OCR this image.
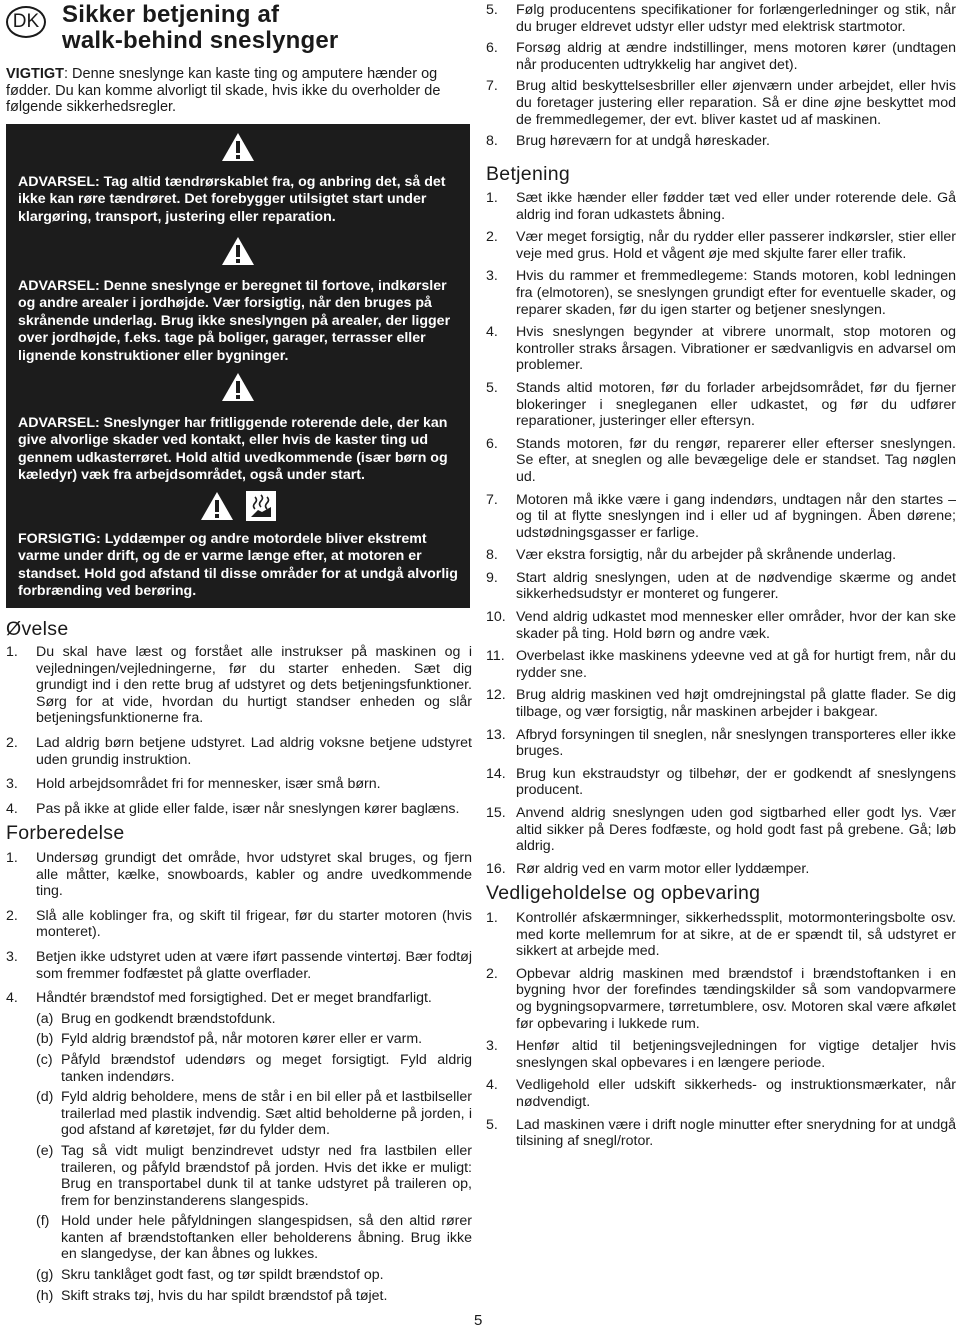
DK Sikker betjening af
walk-behind sneslynger

VIGTIGT: Denne sneslynge kan kaste ting og amputere hænder og fødder. Du kan komme alvorligt til skade, hvis ikke du overholder de følgende sikkerhedsregler.

ADVARSEL: Tag altid tændrørskablet fra, og anbring det, så det ikke kan røre tændrøret. Det forebygger utilsigtet start under klargøring, transport, justering eller reparation.

ADVARSEL: Denne sneslynge er beregnet til fortove, indkørsler og andre arealer i jordhøjde. Vær forsigtig, når den bruges på skrånende underlag. Brug ikke sneslyngen på arealer, der ligger over jordhøjde, f.eks. tage på boliger, garager, terrasser eller lignende konstruktioner eller bygninger.

ADVARSEL: Sneslynger har fritliggende roterende dele, der kan give alvorlige skader ved kontakt, eller hvis de kaster ting ud gennem udkasterrøret. Hold altid uvedkommende (især børn og kæledyr) væk fra arbejdsområdet, også under start.

FORSIGTIG: Lyddæmper og andre motordele bliver ekstremt varme under drift, og de er varme længe efter, at motoren er standset. Hold god afstand til disse områder for at undgå alvorlig forbrænding ved berøring.

Øvelse
1. Du skal have læst og forstået alle instrukser på maskinen og i vejledningen/vejledningerne, før du starter enheden. Sæt dig grundigt ind i den rette brug af udstyret og dets betjeningsfunktioner. Sørg for at vide, hvordan du hurtigt standser enheden og slår betjeningsfunktionerne fra.
2. Lad aldrig børn betjene udstyret. Lad aldrig voksne betjene udstyret uden grundig instruktion.
3. Hold arbejdsområdet fri for mennesker, især små børn.
4. Pas på ikke at glide eller falde, især når sneslyngen kører baglæns.
Forberedelse
1. Undersøg grundigt det område, hvor udstyret skal bruges, og fjern alle måtter, kælke, snowboards, kabler og andre uvedkommende ting.
2. Slå alle koblinger fra, og skift til frigear, før du starter motoren (hvis monteret).
3. Betjen ikke udstyret uden at være iført passende vintertøj. Bær fodtøj som fremmer fodfæstet på glatte overflader.
4. Håndtér brændstof med forsigtighed. Det er meget brandfarligt.
(a) Brug en godkendt brændstofdunk.
(b) Fyld aldrig brændstof på, når motoren kører eller er varm.
(c) Påfyld brændstof udendørs og meget forsigtigt. Fyld aldrig tanken indendørs.
(d) Fyld aldrig beholdere, mens de står i en bil eller på et lastbilseller trailerlad med plastik indvendig. Sæt altid beholderne på jorden, i god afstand af køretøjet, før du fylder dem.
(e) Tag så vidt muligt benzindrevet udstyr ned fra lastbilen eller traileren, og påfyld brændstof på jorden. Hvis det ikke er muligt: Brug en transportabel dunk til at tanke udstyret på traileren op, frem for benzinstanderens slangespids.
(f) Hold under hele påfyldningen slangespidsen, så den altid rører kanten af brændstoftanken eller beholderens åbning. Brug ikke en slangedyse, der kan åbnes og lukkes.
(g) Skru tanklåget godt fast, og tør spildt brændstof op.
(h) Skift straks tøj, hvis du har spildt brændstof på tøjet.
5. Følg producentens specifikationer for forlængerledninger og stik, når du bruger eldrevet udstyr eller udstyr med elektrisk startmotor.
6. Forsøg aldrig at ændre indstillinger, mens motoren kører (undtagen når producenten udtrykkelig har angivet det).
7. Brug altid beskyttelsesbriller eller øjenværn under arbejdet, eller hvis du foretager justering eller reparation. Så er dine øjne beskyttet mod de fremmedlegemer, der evt. bliver kastet ud af maskinen.
8. Brug høreværn for at undgå høreskader.
Betjening
1. Sæt ikke hænder eller fødder tæt ved eller under roterende dele. Gå aldrig ind foran udkastets åbning.
2. Vær meget forsigtig, når du rydder eller passerer indkørsler, stier eller veje med grus. Hold et vågent øje med skjulte farer eller trafik.
3. Hvis du rammer et fremmedlegeme: Stands motoren, kobl ledningen fra (elmotoren), se sneslyngen grundigt efter for eventuelle skader, og reparer skaden, før du igen starter og betjener sneslyngen.
4. Hvis sneslyngen begynder at vibrere unormalt, stop motoren og kontroller straks årsagen. Vibrationer er sædvanligvis en advarsel om problemer.
5. Stands altid motoren, før du forlader arbejdsområdet, før du fjerner blokeringer i snegleganen eller udkastet, og før du udfører reparationer, justeringer eller eftersyn.
6. Stands motoren, før du rengør, reparerer eller efterser sneslyngen. Se efter, at sneglen og alle bevægelige dele er standset. Tag nøglen ud.
7. Motoren må ikke være i gang indendørs, undtagen når den startes – og til at flytte sneslyngen ind i eller ud af bygningen. Åben dørene; udstødningsgasser er farlige.
8. Vær ekstra forsigtig, når du arbejder på skrånende underlag.
9. Start aldrig sneslyngen, uden at de nødvendige skærme og andet sikkerhedsudstyr er monteret og fungerer.
10. Vend aldrig udkastet mod mennesker eller områder, hvor der kan ske skader på ting. Hold børn og andre væk.
11. Overbelast ikke maskinens ydeevne ved at gå for hurtigt frem, når du rydder sne.
12. Brug aldrig maskinen ved højt omdrejningstal på glatte flader. Se dig tilbage, og vær forsigtig, når maskinen arbejder i bakgear.
13. Afbryd forsyningen til sneglen, når sneslyngen transporteres eller ikke bruges.
14. Brug kun ekstraudstyr og tilbehør, der er godkendt af sneslyngens producent.
15. Anvend aldrig sneslyngen uden god sigtbarhed eller godt lys. Vær altid sikker på Deres fodfæste, og hold godt fast på grebene. Gå; løb aldrig.
16. Rør aldrig ved en varm motor eller lyddæmper.
Vedligeholdelse og opbevaring
1. Kontrollér afskærmninger, sikkerhedssplit, motormonteringsbolte osv. med korte mellemrum for at sikre, at de er spændt til, så udstyret er sikkert at arbejde med.
2. Opbevar aldrig maskinen med brændstof i brændstoftanken i en bygning hvor der forefindes tændingskilder så som vandopvarmere og bygningsopvarmere, tørretumblere, osv. Motoren skal være afkølet før opbevaring i lukkede rum.
3. Henfør altid til betjeningsvejledningen for vigtige detaljer hvis sneslyngen skal opbevares i en længere periode.
4. Vedligehold eller udskift sikkerheds- og instruktionsmærkater, når nødvendigt.
5. Lad maskinen være i drift nogle minutter efter snerydning for at undgå tilsining af snegl/rotor.
5
